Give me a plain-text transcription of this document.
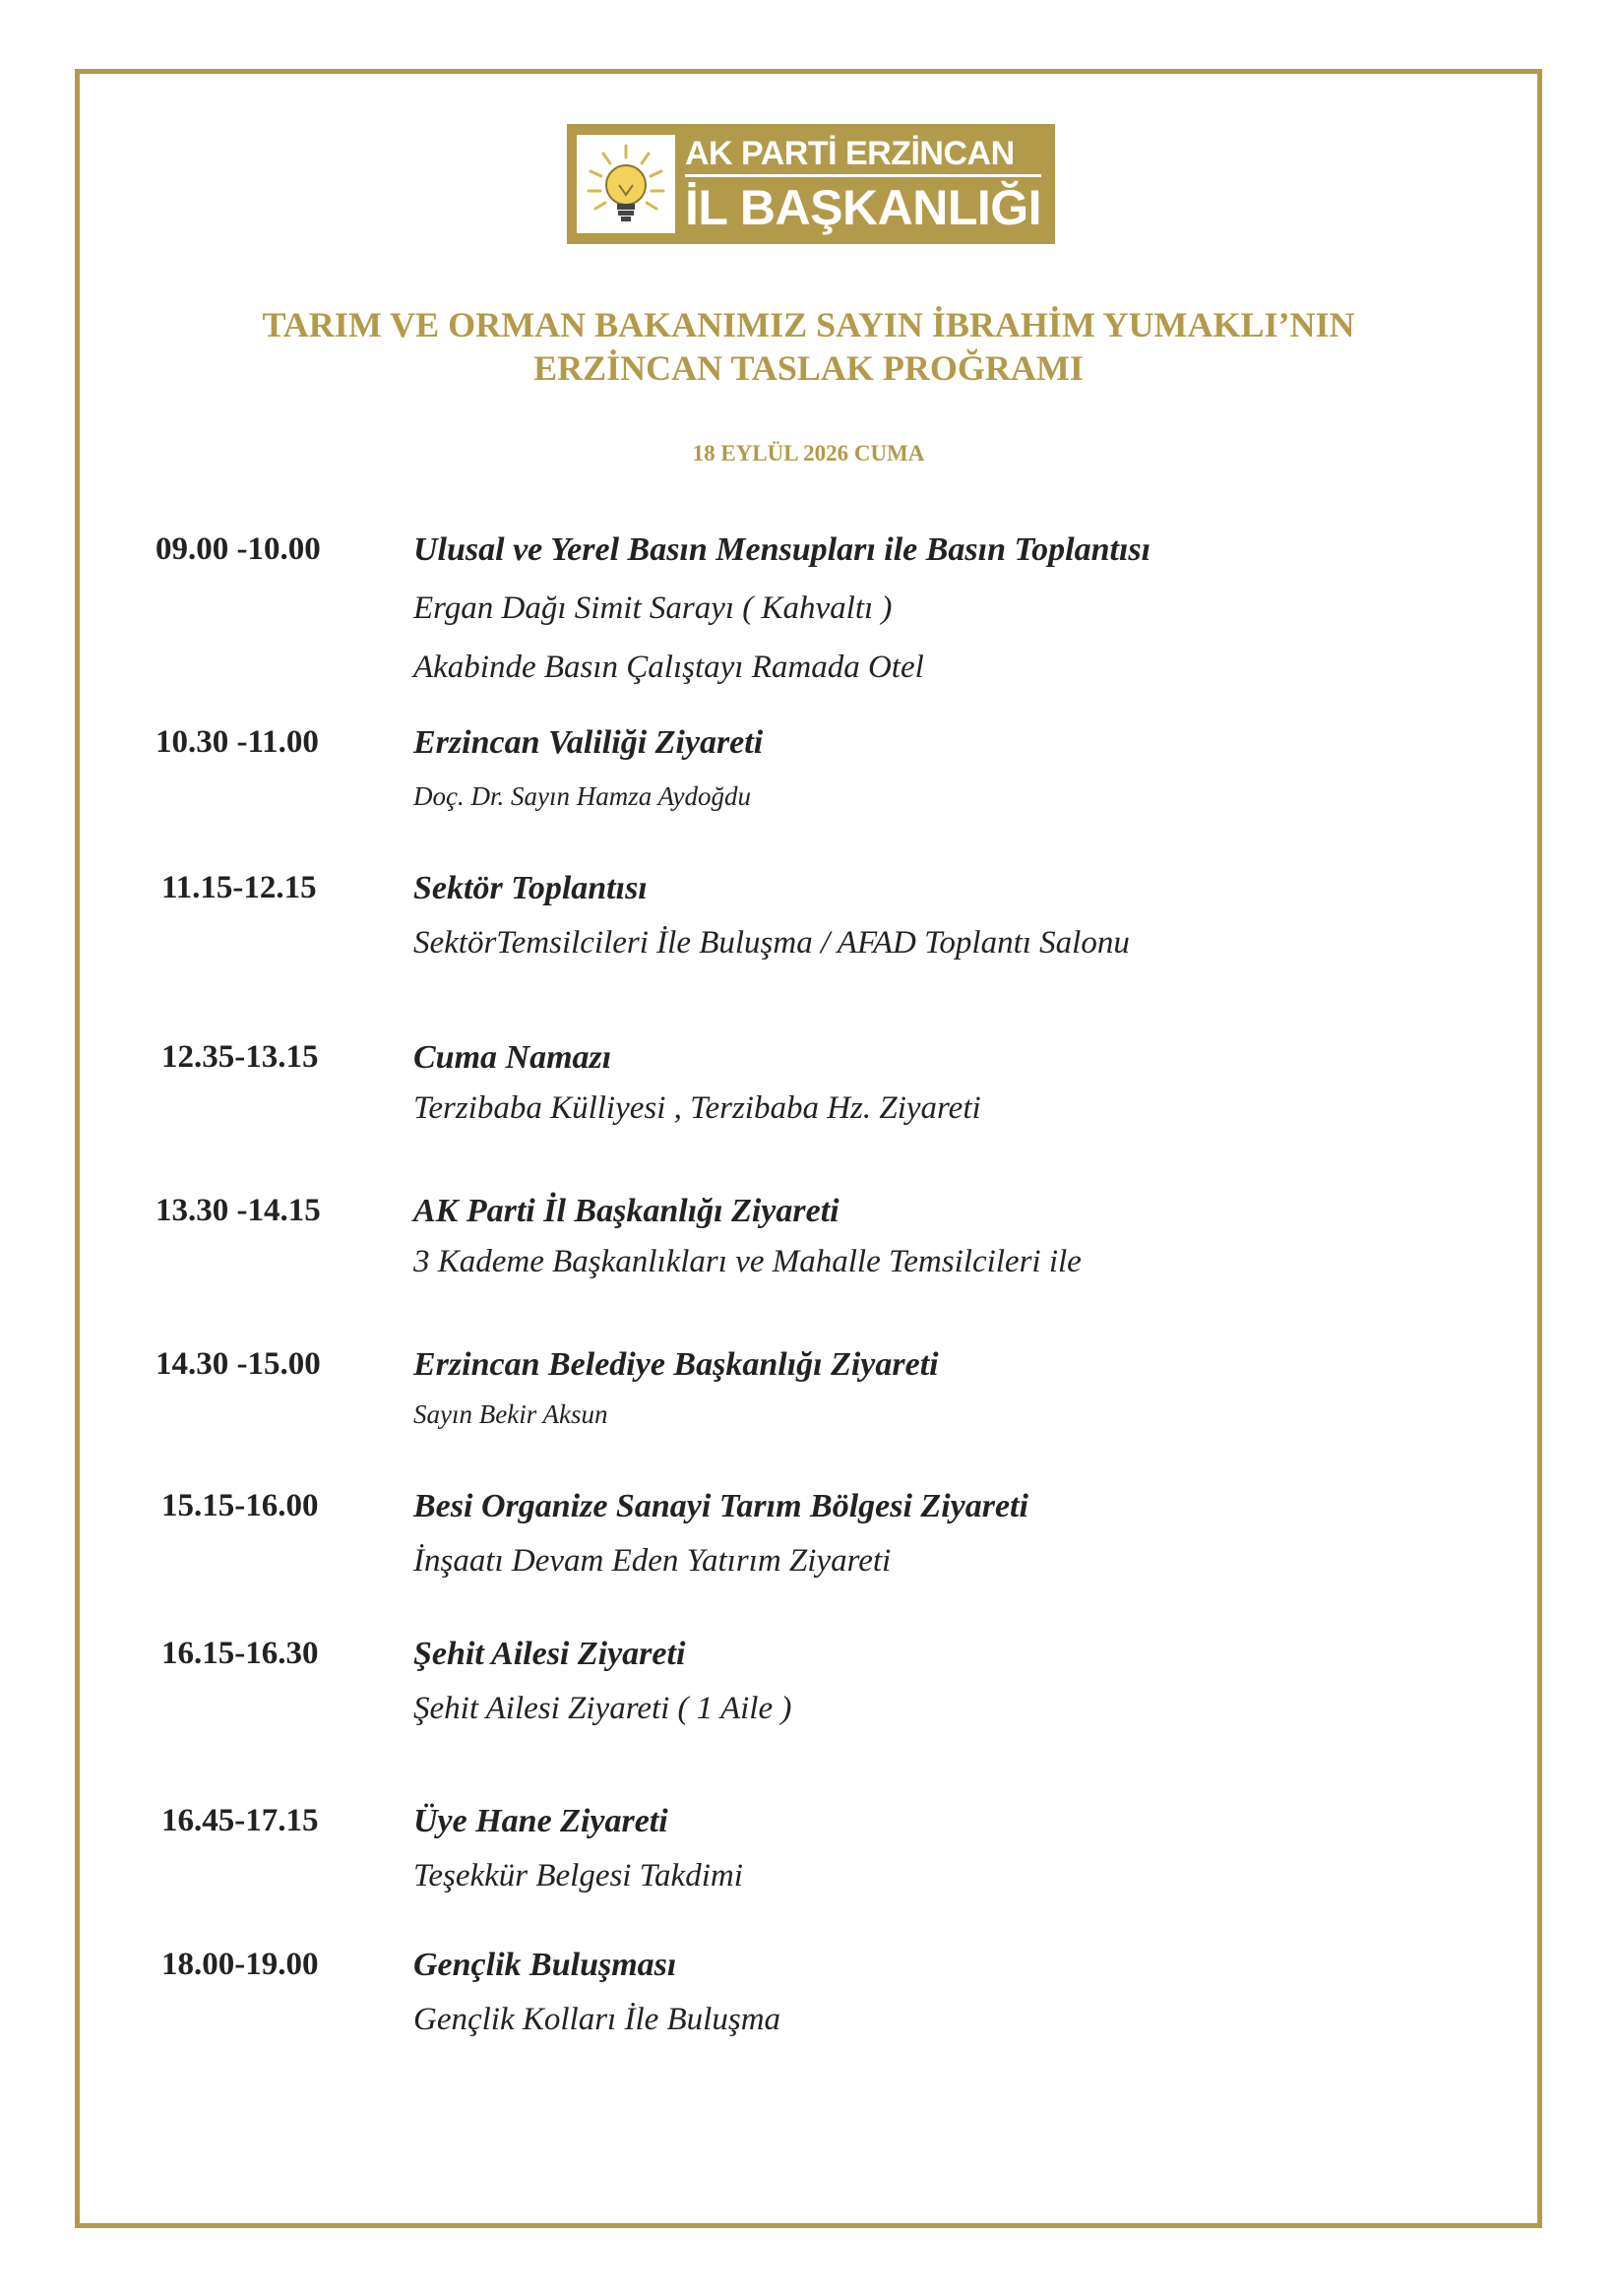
AK PARTİ ERZİNCAN
İL BAŞKANLIĞI
TARIM VE ORMAN BAKANIMIZ SAYIN İBRAHİM YUMAKLI’NIN
ERZİNCAN TASLAK PROĞRAMI
18 EYLÜL 2026 CUMA
09.00 -10.00	Ulusal ve Yerel Basın Mensupları ile Basın Toplantısı
Ergan Dağı Simit Sarayı ( Kahvaltı )
Akabinde Basın Çalıştayı Ramada Otel
10.30 -11.00	Erzincan Valiliği Ziyareti
Doç. Dr. Sayın Hamza Aydoğdu
11.15-12.15	Sektör Toplantısı
SektörTemsilcileri İle Buluşma / AFAD Toplantı Salonu
12.35-13.15	Cuma Namazı
Terzibaba Külliyesi , Terzibaba Hz. Ziyareti
13.30 -14.15	AK Parti İl Başkanlığı Ziyareti
3 Kademe Başkanlıkları ve Mahalle Temsilcileri ile
14.30 -15.00	Erzincan Belediye Başkanlığı Ziyareti
Sayın Bekir Aksun
15.15-16.00	Besi Organize Sanayi Tarım Bölgesi Ziyareti
İnşaatı Devam Eden Yatırım Ziyareti
16.15-16.30	Şehit Ailesi Ziyareti
Şehit Ailesi Ziyareti ( 1 Aile )
16.45-17.15	Üye Hane Ziyareti
Teşekkür Belgesi Takdimi
18.00-19.00	Gençlik Buluşması
Gençlik Kolları İle Buluşma
